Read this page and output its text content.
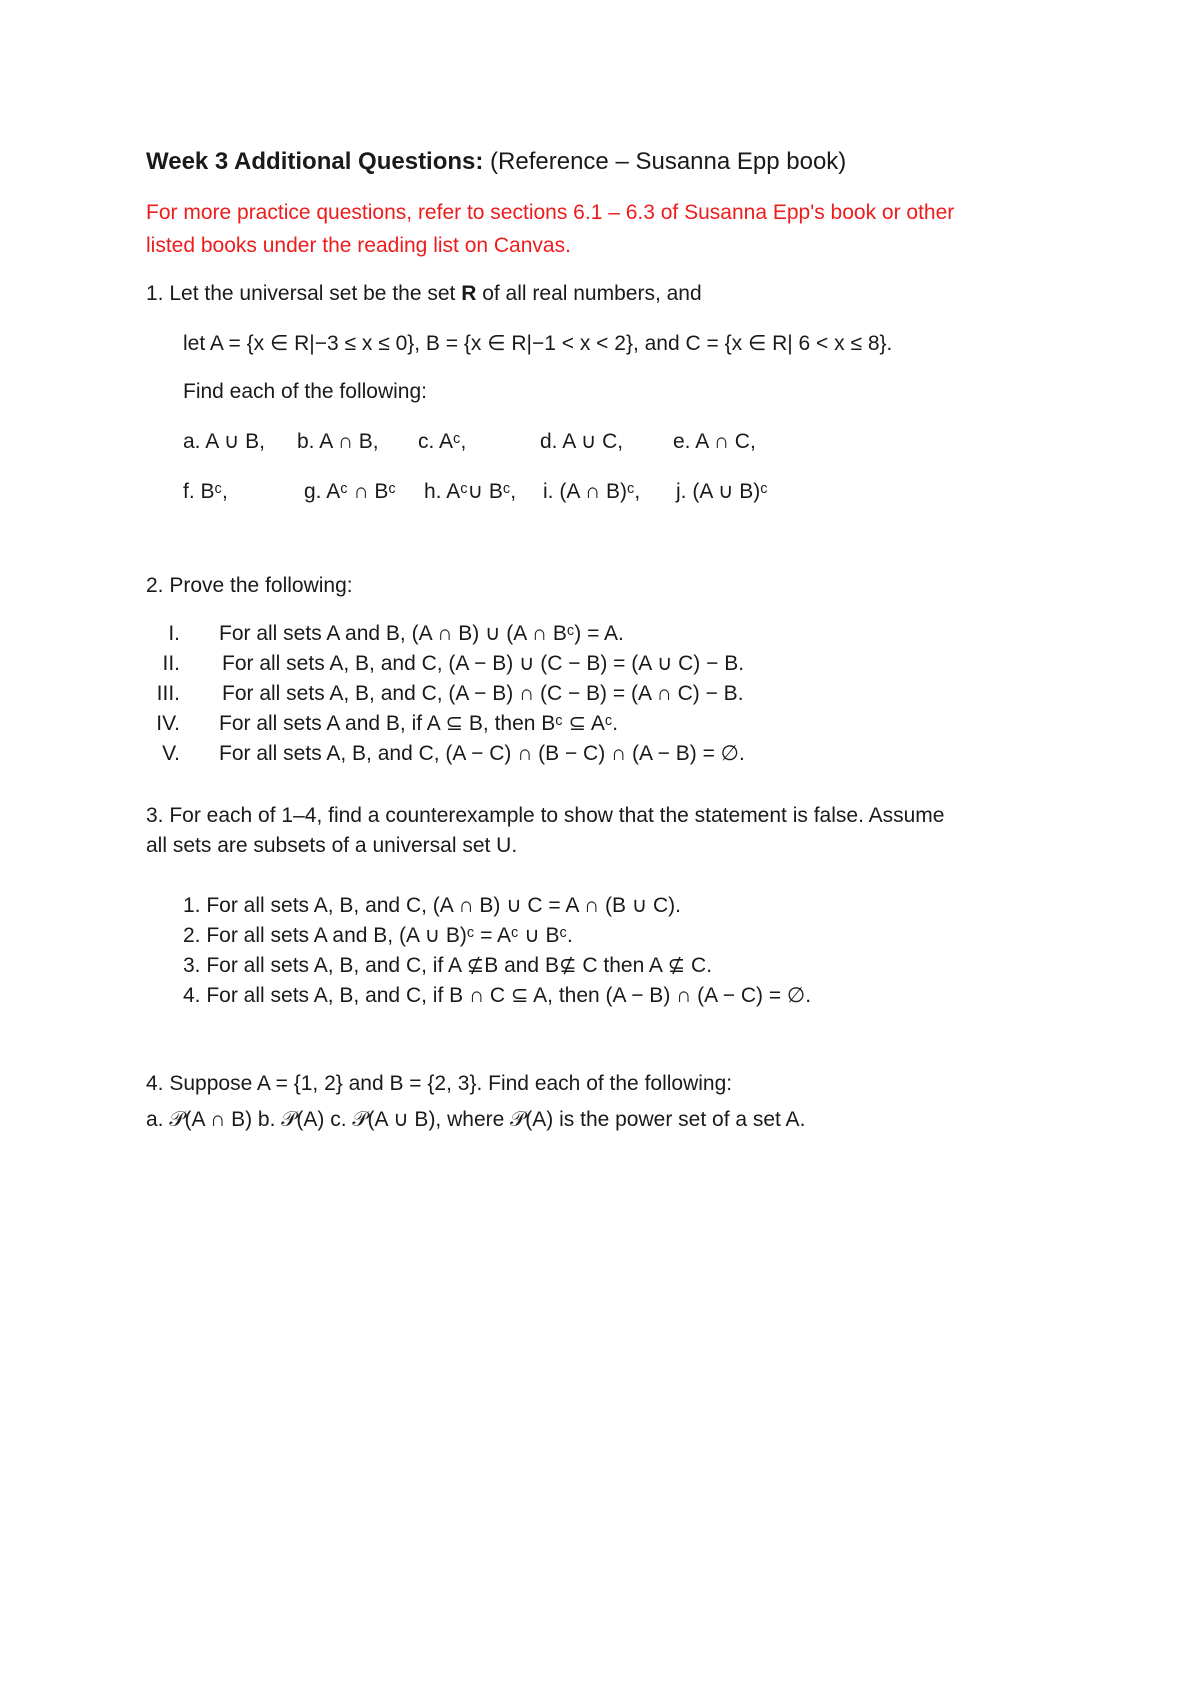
Week 3 Additional Questions: (Reference – Susanna Epp book)
For more practice questions, refer to sections 6.1 – 6.3 of Susanna Epp's book or other
listed books under the reading list on Canvas.
1. Let the universal set be the set R of all real numbers, and
let A = {x ∈ R|−3 ≤ x ≤ 0}, B = {x ∈ R|−1 < x < 2}, and C = {x ∈ R| 6 < x ≤ 8}.
Find each of the following:
a. A ∪ B, b. A ∩ B, c. Aᶜ,	d. A ∪ C, e. A ∩ C,
f. Bᶜ,	g. Aᶜ ∩ Bᶜ h. Aᶜ∪ Bᶜ, i. (A ∩ B)ᶜ, j. (A ∪ B)ᶜ
2. Prove the following:
I. For all sets A and B, (A ∩ B) ∪ (A ∩ Bᶜ) = A.
II. For all sets A, B, and C, (A − B) ∪ (C − B) = (A ∪ C) − B.
III. For all sets A, B, and C, (A − B) ∩ (C − B) = (A ∩ C) − B.
IV. For all sets A and B, if A ⊆ B, then Bᶜ ⊆ Aᶜ.
V. For all sets A, B, and C, (A − C) ∩ (B − C) ∩ (A − B) = ∅.
3. For each of 1–4, find a counterexample to show that the statement is false. Assume
all sets are subsets of a universal set U.
1. For all sets A, B, and C, (A ∩ B) ∪ C = A ∩ (B ∪ C).
2. For all sets A and B, (A ∪ B)ᶜ = Aᶜ ∪ Bᶜ.
3. For all sets A, B, and C, if A ⊈B and B⊈ C then A ⊈ C.
4. For all sets A, B, and C, if B ∩ C ⊆ A, then (A − B) ∩ (A − C) = ∅.
4. Suppose A = {1, 2} and B = {2, 3}. Find each of the following:
a. 𝒫(A ∩ B) b. 𝒫(A) c. 𝒫(A ∪ B), where 𝒫(A) is the power set of a set A.
